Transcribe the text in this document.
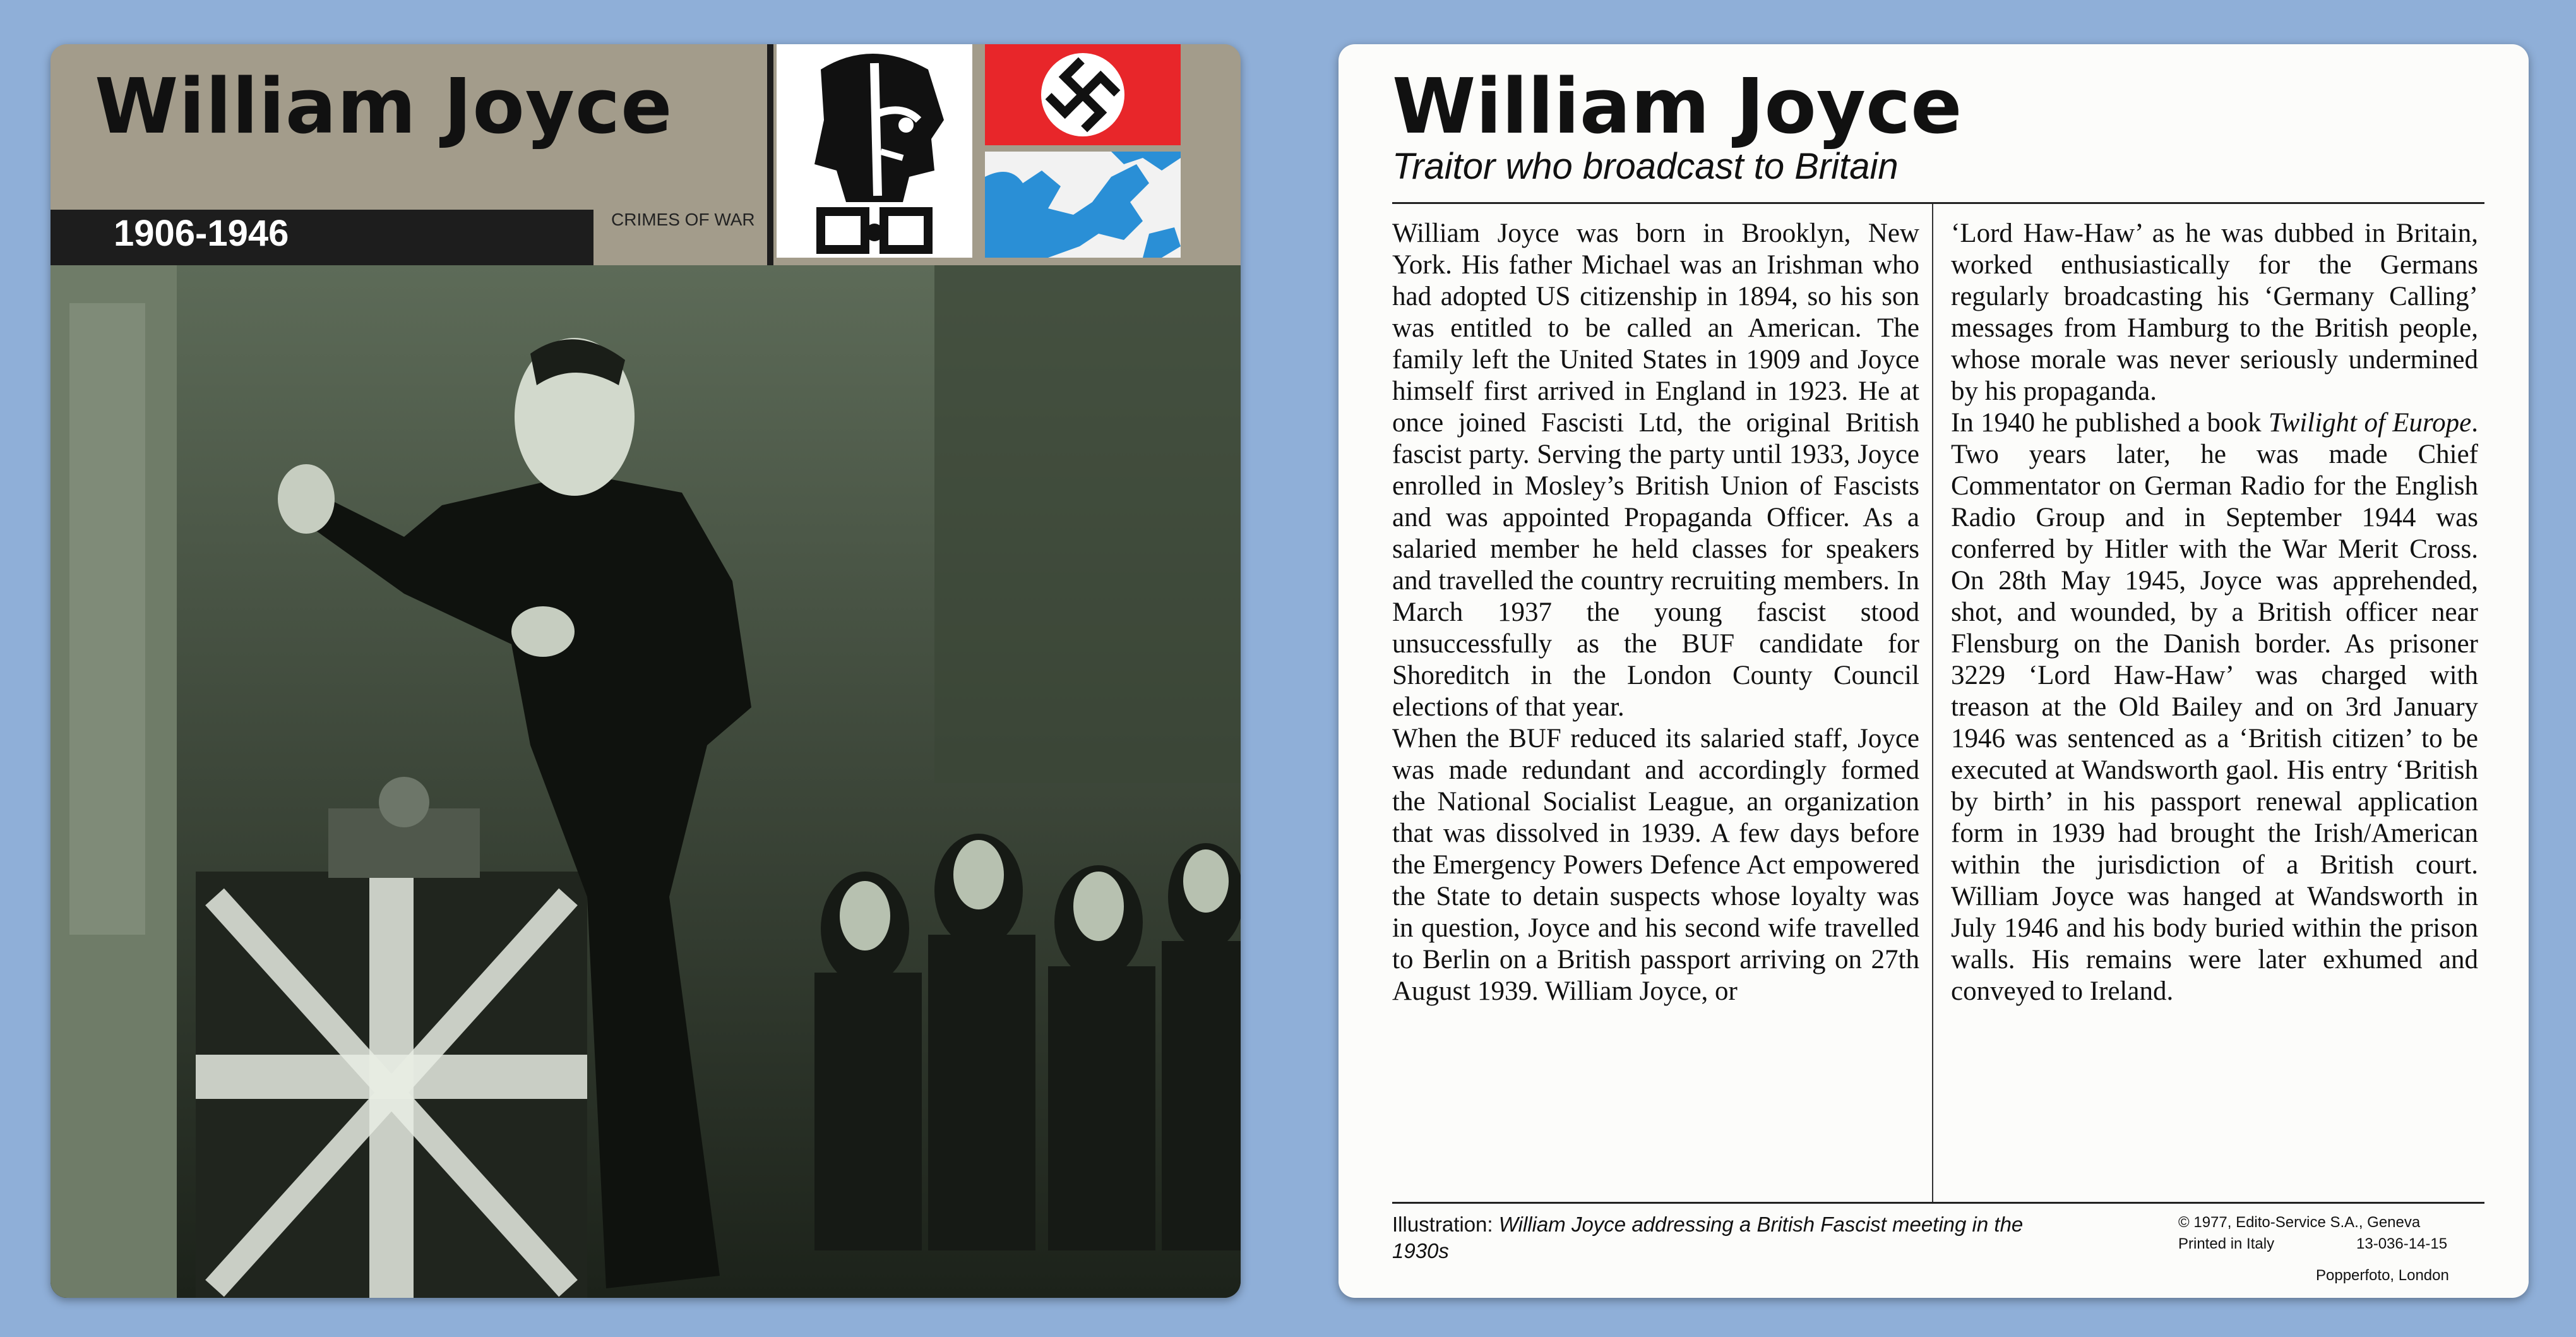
William Joyce
1906-1946	CRIMES OF WAR
William Joyce
Traitor who broadcast to Britain

William Joyce was born in Brooklyn, New York. His father Michael was an Irishman who had adopted US citizenship in 1894, so his son was entitled to be called an American. The family left the United States in 1909 and Joyce himself first arrived in England in 1923. He at once joined Fascisti Ltd, the original British fascist party. Serving the party until 1933, Joyce enrolled in Mosley’s British Union of Fascists and was appointed Propaganda Officer. As a salaried member he held classes for speakers and travelled the country recruiting members. In March 1937 the young fascist stood unsuccessfully as the BUF candidate for Shoreditch in the London County Council elections of that year.

When the BUF reduced its salaried staff, Joyce was made redundant and accordingly formed the National Socialist League, an organization that was dissolved in 1939. A few days before the Emergency Powers Defence Act empowered the State to detain suspects whose loyalty was in question, Joyce and his second wife travelled to Berlin on a British passport arriving on 27th August 1939. William Joyce, or

‘Lord Haw-Haw’ as he was dubbed in Britain, worked enthusiastically for the Germans regularly broadcasting his ‘Germany Calling’ messages from Hamburg to the British people, whose morale was never seriously undermined by his propaganda.

In 1940 he published a book Twilight of Europe. Two years later, he was made Chief Commentator on German Radio for the English Radio Group and in September 1944 was conferred by Hitler with the War Merit Cross. On 28th May 1945, Joyce was apprehended, shot, and wounded, by a British officer near Flensburg on the Danish border. As prisoner 3229 ‘Lord Haw-Haw’ was charged with treason at the Old Bailey and on 3rd January 1946 was sentenced as a ‘British citizen’ to be executed at Wandsworth gaol. His entry ‘British by birth’ in his passport renewal application form in 1939 had brought the Irish/American within the jurisdiction of a British court. William Joyce was hanged at Wandsworth in July 1946 and his body buried within the prison walls. His remains were later exhumed and conveyed to Ireland.

Illustration: William Joyce addressing a British Fascist meeting in the 1930s
© 1977, Edito-Service S.A., Geneva
Printed in Italy	13-036-14-15
Popperfoto, London
